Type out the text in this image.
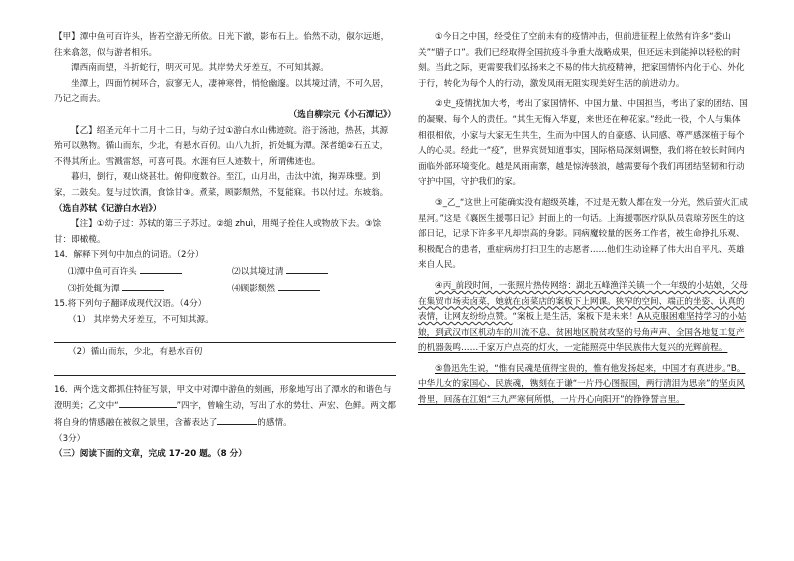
【甲】潭中鱼可百许头，皆若空游无所依。日光下澈，影布石上。佁然不动，俶尔远逝，往来翕忽，似与游者相乐。

潭西南而望，斗折蛇行，明灭可见。其岸势犬牙差互，不可知其源。

坐潭上，四面竹树环合，寂寥无人，凄神寒骨，悄怆幽邃。以其境过清，不可久居，乃记之而去。

（选自柳宗元《小石潭记》）

【乙】绍圣元年十二月十二日，与幼子过①游白水山佛迹院。浴于汤池，热甚，其源殆可以熟物。循山而东，少北，有悬水百仞。山八九折，折处辄为潭。深者缒②石五丈，不得其所止。雪溅雷怒，可喜可畏。水涯有巨人迹数十，所谓佛迹也。

暮归，倒行，观山烧甚壮。俯仰度数谷。至江，山月出，击汰中流，掬弄珠璧。到家，二鼓矣。复与过饮酒，食馀甘③。煮菜，顾影颓然，不复能寐。书以付过。东坡翁。

（选自苏轼《记游白水岩》）

【注】①幼子过：苏轼的第三子苏过。②缒 zhuì，用绳子拴住人或物放下去。③馀甘：即橄榄。

14．解释下列句中加点的词语。（2分）

⑴潭中鱼可百许头	⑵以其境过清
⑶折处辄为潭	⑷顾影颓然

15.将下列句子翻译成现代汉语。（4分）

（1） 其岸势犬牙差互，不可知其源。

（2）循山而东，少北，有悬水百仞

16．两个选文都抓住特征写景，甲文中对潭中游鱼的刻画，形象地写出了潭水的和谐色与澄明美；乙文中“	”四字，曾喻生动，写出了水的势壮、声宏、色鲜。两文都将自身的情感融在被叙之景里，含蓄表达了	的感情。

（3分）

（三）阅读下面的文章，完成 17-20 题。（8 分）

①今日之中国，经受住了空前未有的疫情冲击，但前进征程上依然有许多“娄山关”“腊子口”。我们已经取得全国抗疫斗争重大战略成果，但还远未到能掉以轻松的时刻。当此之际，更需要我们弘扬来之不易的伟大抗疫精神，把家国情怀内化于心、外化于行，转化为每个人的行动，激发凤雨无阻实现美好生活的前进动力。

②史_疫情扰加大考，考出了家国情怀、中国力量、中国担当，考出了家的团结、国的凝聚、每个人的责任。“其生无悔入华夏，来世还在种花家。”经此一役，个人与集体相很相依，小家与大家无生共生，生而为中国人的自豪感、认同感、尊严感深植于每个人的心灵。经此一“疫”，世界宾贤知道事实，国际格局深刻调整，我们将在较长时间内面临外部环境变化。越是风雨南寨，越是惊涛骇浪，越需要每个我们再团结坚韧和行动守护中国，守护我们的家。

③_乙_“这世上可能确实没有超级英雄，不过是无数人都在发一分光，然后萤火汇成星河。”这是《襄医生援鄂日记》封面上的一句话。上海援鄂医疗队队员袁琼芳医生的这部日记，记录下许多平凡却崇高的身影。同病魔较量的医务工作者，被生命挣扎乐观、积极配合的患者，重症病房打扫卫生的志愿者……他们生动诠释了伟大出自平凡、英雄来自人民。

④丙_前段时间，一张照片热传网络：湖北五峰渔洋关镇一个一年级的小姑娘，父母在集贸市场卖卤菜，她就在卤菜店的案板下上网课。狭窄的空间、端正的坐姿、认真的表情，让网友纷纷点赞。“案板上是生活，案板下是未来！A从克服困难坚持学习的小姑娘，到武汉市区机动车的川流不息、贫困地区脱贫攻坚的号角声声、全国各地复工复产的机器轰鸣……千家万户点亮的灯火，一定能照亮中华民族伟大复兴的光辉前程。

⑤鲁迅先生说，“惟有民魂是值得宝贵的，惟有他发扬起来，中国才有真进步。”B。中华儿女的家国心、民族魂，镌刻在于谦“一片丹心图报国，两行清泪为思亲”的坚贞风骨里，回荡在江姐“三九严寒何所惧，一片丹心向阳开”的铮铮誓言里。
